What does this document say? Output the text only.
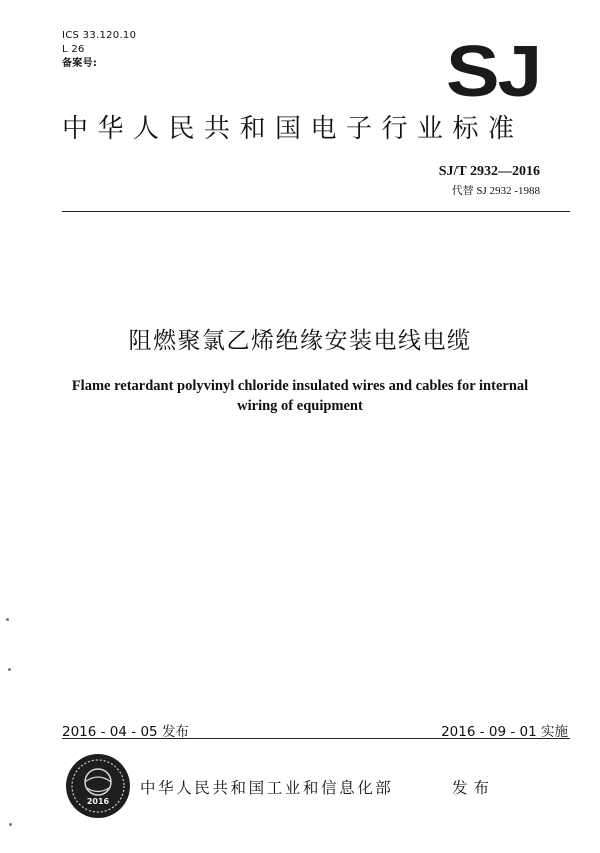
ICS 33.120.10
L 26
备案号:	SJ
中华人民共和国电子行业标准
SJ/T 2932—2016
代替 SJ 2932 -1988
阻燃聚氯乙烯绝缘安装电线电缆
Flame retardant polyvinyl chloride insulated wires and cables for internal
wiring of equipment
2016 - 04 - 05 发布	2016 - 09 - 01 实施
2016
中华人民共和国工业和信息化部	发布
